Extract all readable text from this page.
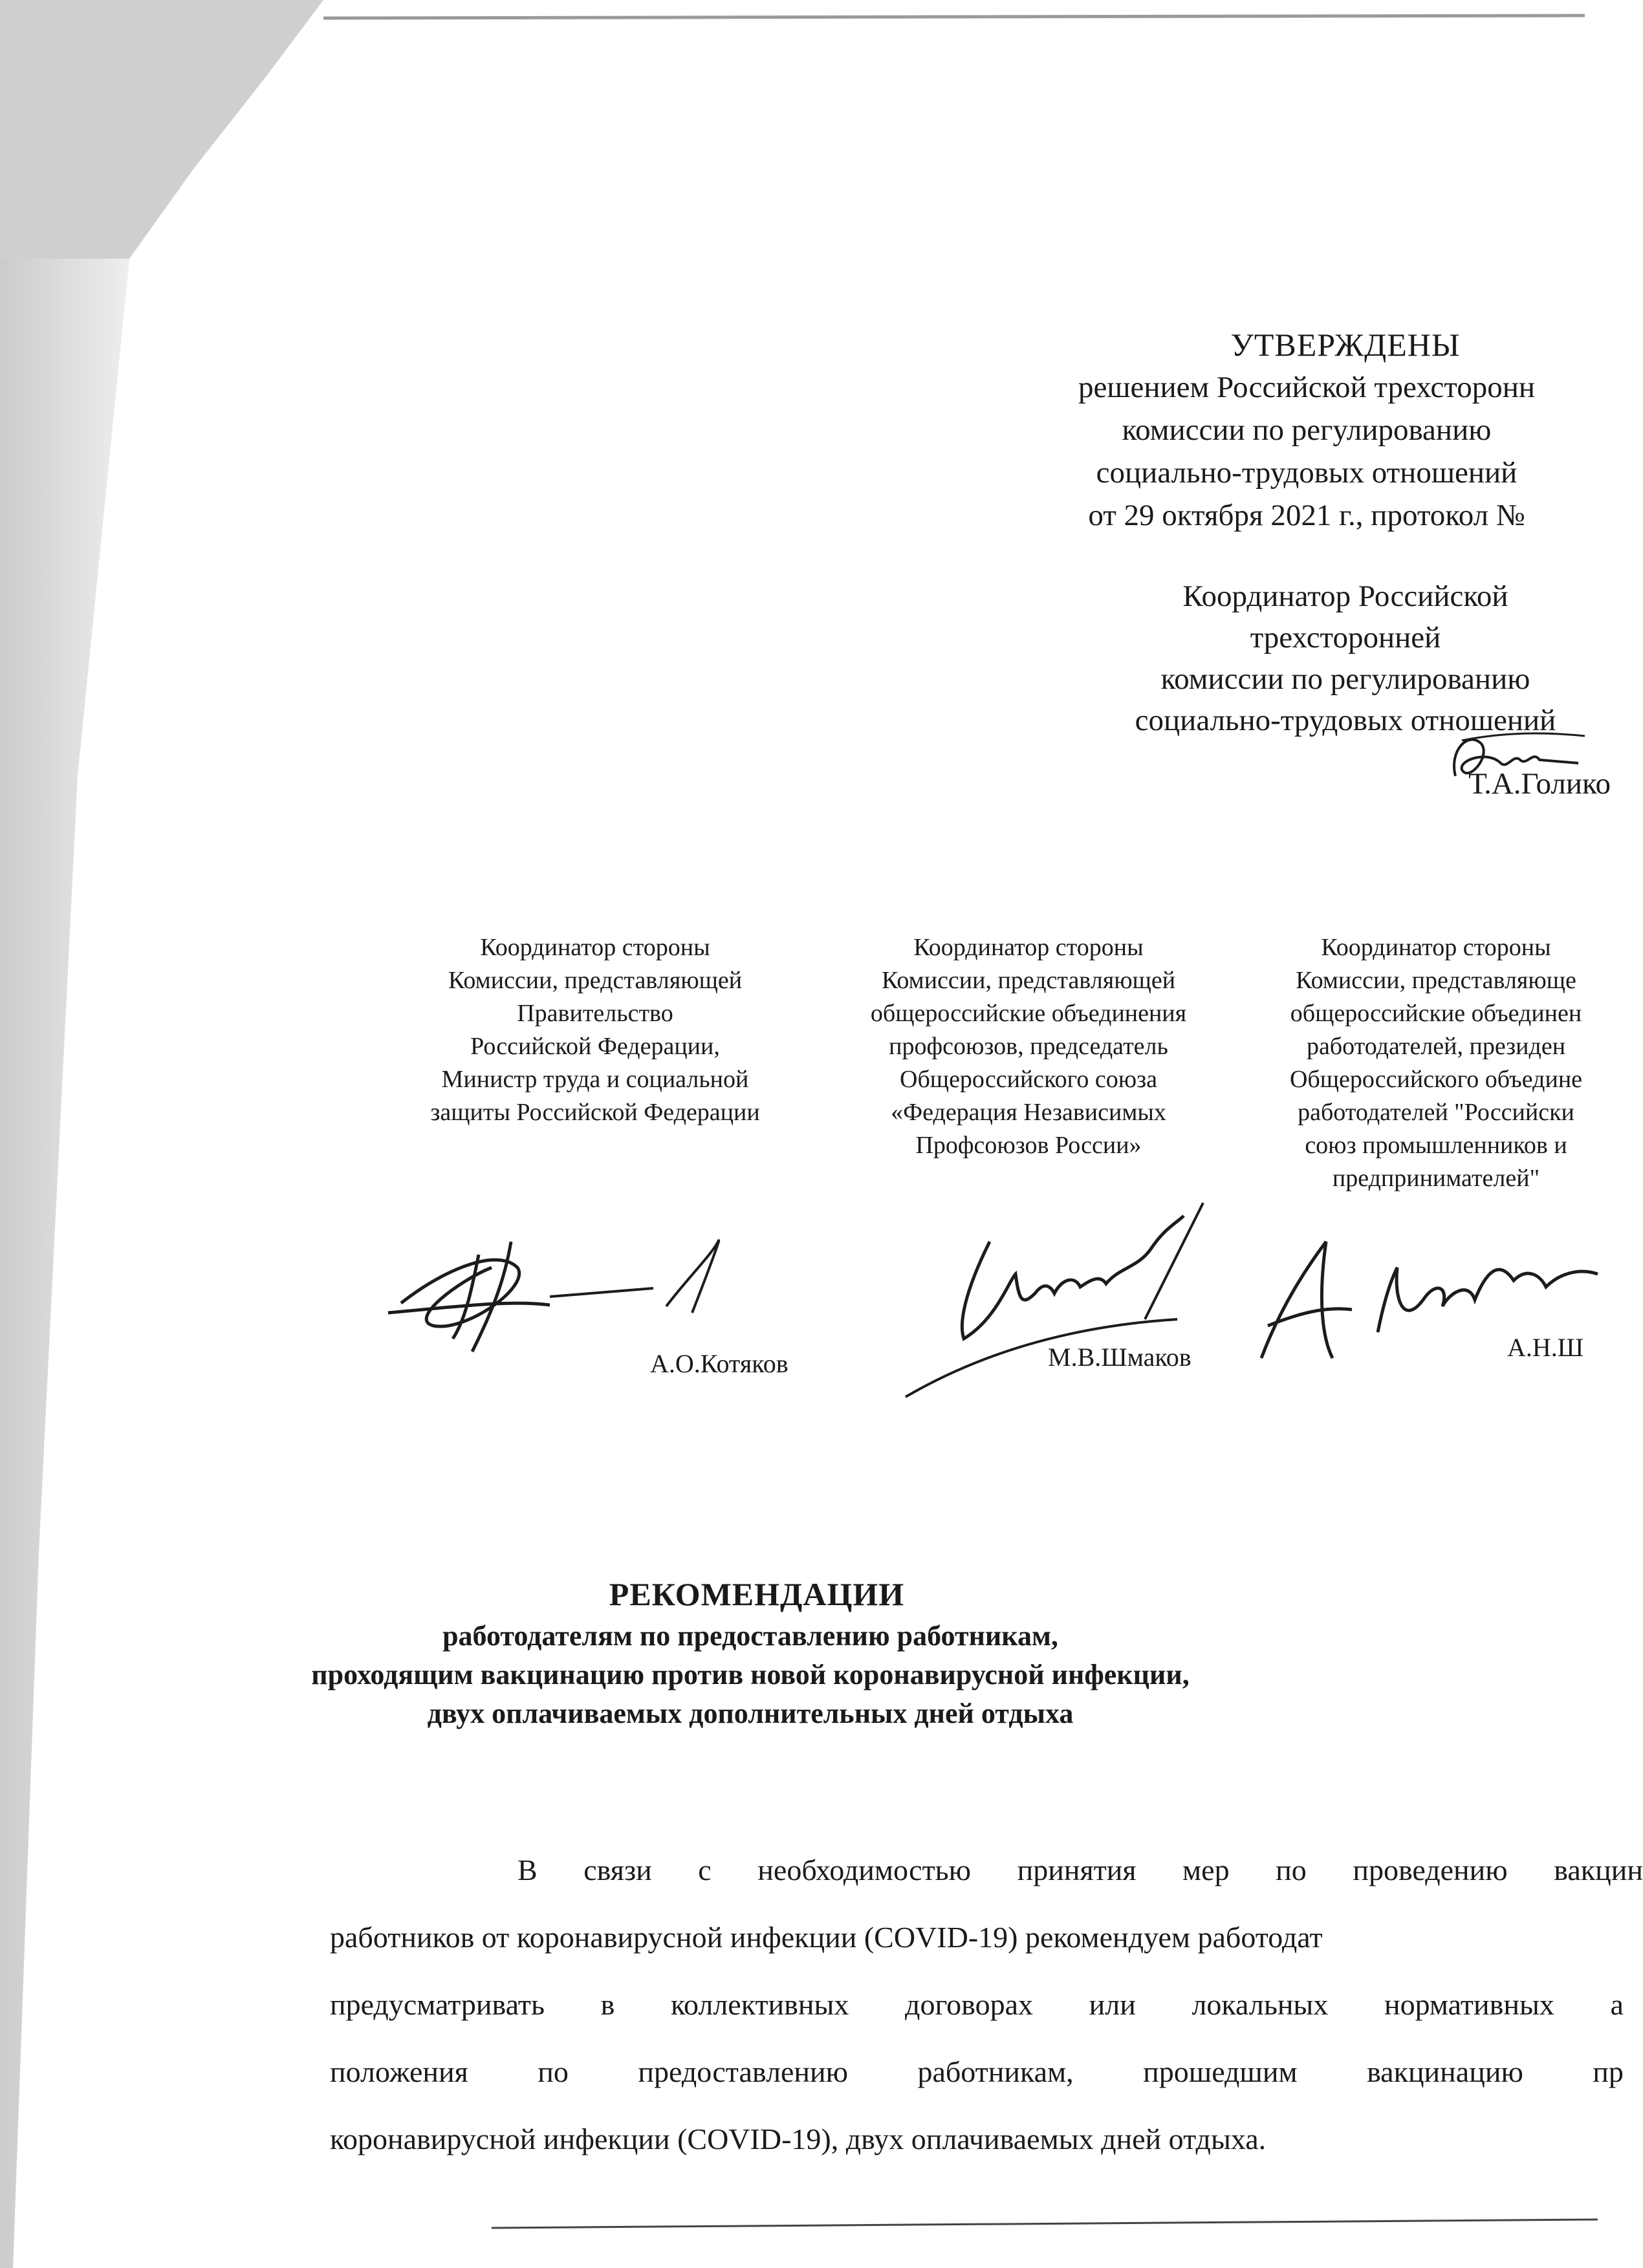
УТВЕРЖДЕНЫ
решением Российской трехсторонн
комиссии по регулированию
социально-трудовых отношений
от 29 октября 2021 г., протокол №
Координатор Российской
трехсторонней
комиссии по регулированию
социально-трудовых отношений
Т.А.Голико
Координатор стороны
Комиссии, представляющей
Правительство
Российской Федерации,
Министр труда и социальной
защиты Российской Федерации
Координатор стороны
Комиссии, представляющей
общероссийские объединения
профсоюзов, председатель
Общероссийского союза
«Федерация Независимых
Профсоюзов России»
Координатор стороны
Комиссии, представляюще
общероссийские объединен
работодателей, президен
Общероссийского объедине
работодателей "Российски
союз промышленников и
предпринимателей"
А.О.Котяков	М.В.Шмаков	А.Н.Ш
РЕКОМЕНДАЦИИ
работодателям по предоставлению работникам,
проходящим вакцинацию против новой коронавирусной инфекции,
двух оплачиваемых дополнительных дней отдыха

В связи с необходимостью принятия мер по проведению вакцин

работников от коронавирусной инфекции (COVID-19) рекомендуем работодат

предусматривать в коллективных договорах или локальных нормативных а

положения по предоставлению работникам, прошедшим вакцинацию пр

коронавирусной инфекции (COVID-19), двух оплачиваемых дней отдыха.
